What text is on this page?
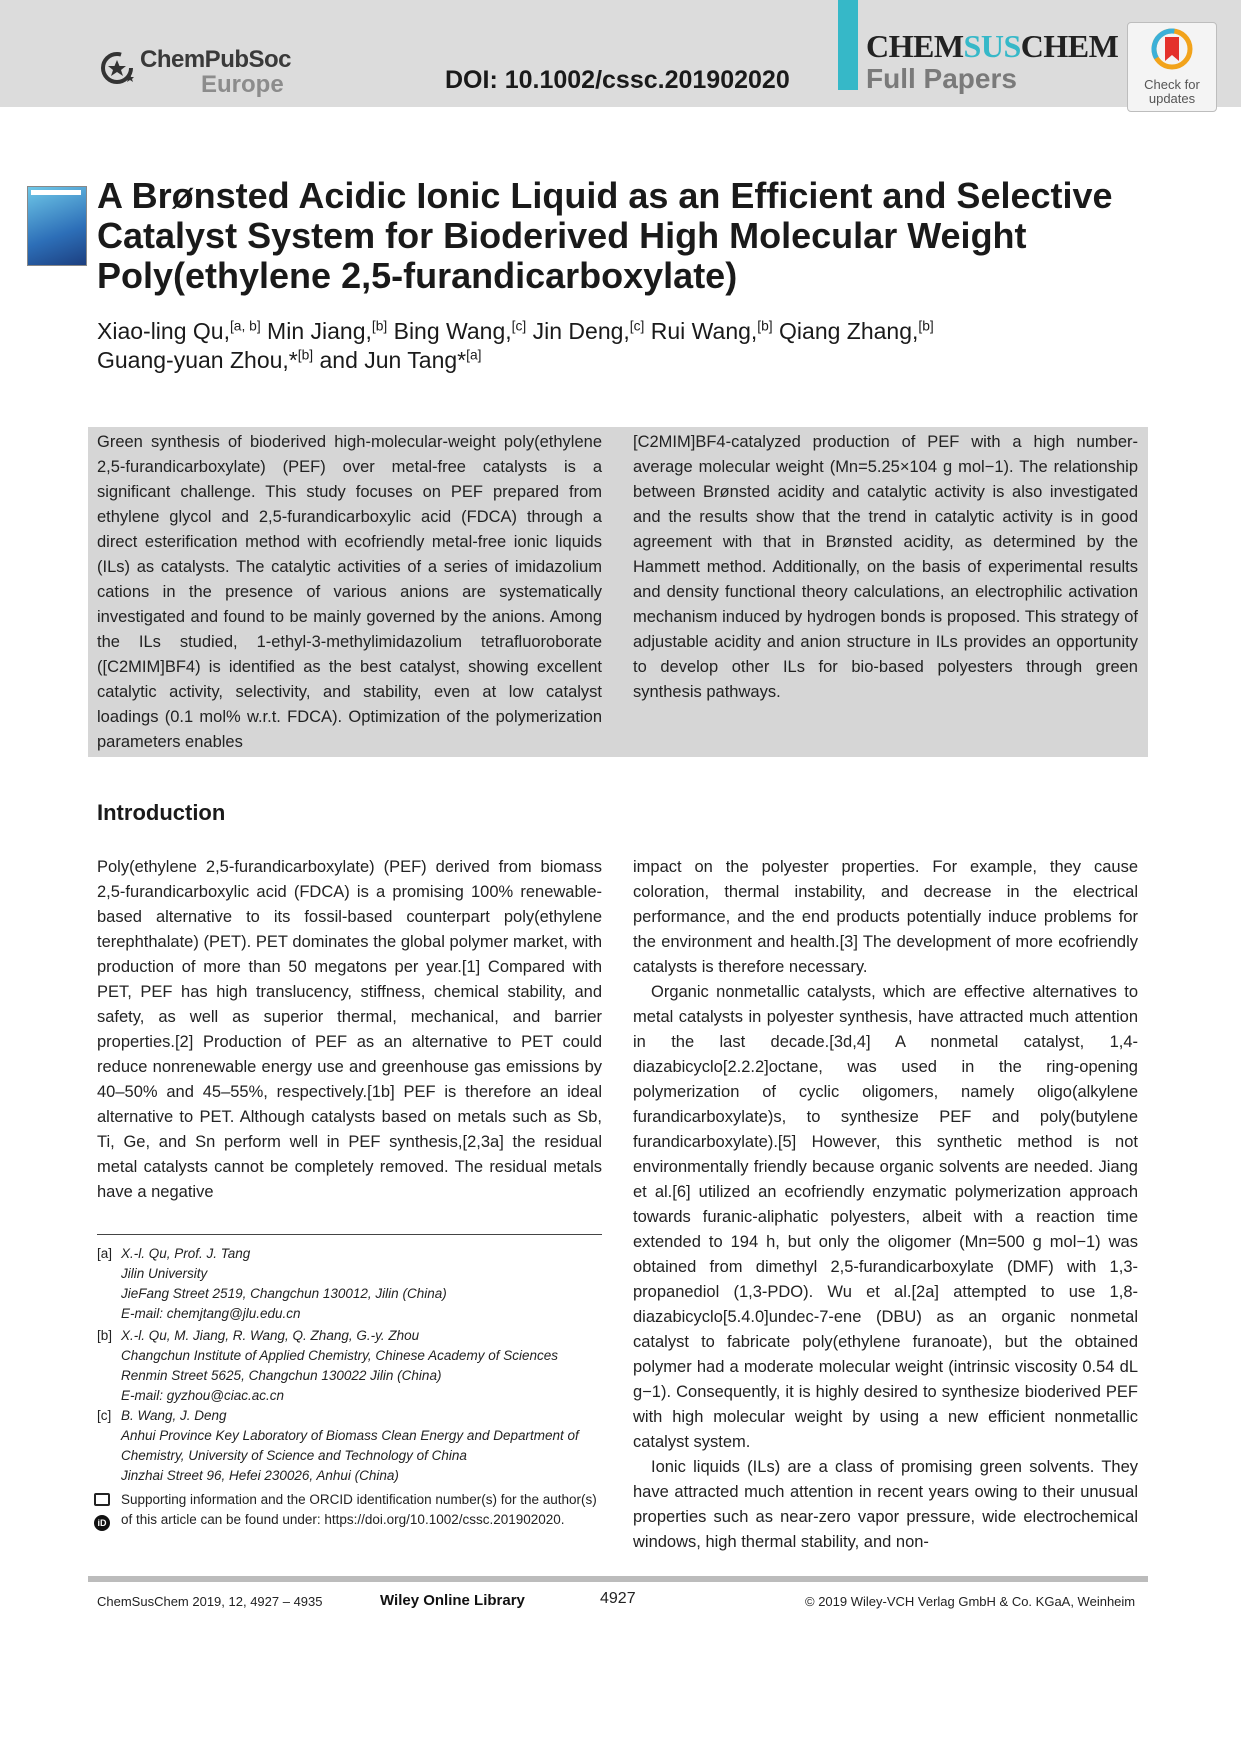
ChemPubSoc
Europe	DOI: 10.1002/cssc.201902020
CHEMSUSCHEM
Full Papers	Check for updates
A Brønsted Acidic Ionic Liquid as an Efficient and Selective Catalyst System for Bioderived High Molecular Weight Poly(ethylene 2,5-furandicarboxylate)
Xiao-ling Qu,[a, b] Min Jiang,[b] Bing Wang,[c] Jin Deng,[c] Rui Wang,[b] Qiang Zhang,[b]
Guang-yuan Zhou,*[b] and Jun Tang*[a]
Green synthesis of bioderived high-molecular-weight poly(ethylene 2,5-furandicarboxylate) (PEF) over metal-free catalysts is a significant challenge. This study focuses on PEF prepared from ethylene glycol and 2,5-furandicarboxylic acid (FDCA) through a direct esterification method with ecofriendly metal-free ionic liquids (ILs) as catalysts. The catalytic activities of a series of imidazolium cations in the presence of various anions are systematically investigated and found to be mainly governed by the anions. Among the ILs studied, 1-ethyl-3-methylimidazolium tetrafluoroborate ([C2MIM]BF4) is identified as the best catalyst, showing excellent catalytic activity, selectivity, and stability, even at low catalyst loadings (0.1 mol% w.r.t. FDCA). Optimization of the polymerization parameters enables
[C2MIM]BF4-catalyzed production of PEF with a high number-average molecular weight (Mn=5.25×104 g mol−1). The relationship between Brønsted acidity and catalytic activity is also investigated and the results show that the trend in catalytic activity is in good agreement with that in Brønsted acidity, as determined by the Hammett method. Additionally, on the basis of experimental results and density functional theory calculations, an electrophilic activation mechanism induced by hydrogen bonds is proposed. This strategy of adjustable acidity and anion structure in ILs provides an opportunity to develop other ILs for bio-based polyesters through green synthesis pathways.
Introduction
Poly(ethylene 2,5-furandicarboxylate) (PEF) derived from biomass 2,5-furandicarboxylic acid (FDCA) is a promising 100% renewable-based alternative to its fossil-based counterpart poly(ethylene terephthalate) (PET). PET dominates the global polymer market, with production of more than 50 megatons per year.[1] Compared with PET, PEF has high translucency, stiffness, chemical stability, and safety, as well as superior thermal, mechanical, and barrier properties.[2] Production of PEF as an alternative to PET could reduce nonrenewable energy use and greenhouse gas emissions by 40–50% and 45–55%, respectively.[1b] PEF is therefore an ideal alternative to PET. Although catalysts based on metals such as Sb, Ti, Ge, and Sn perform well in PEF synthesis,[2,3a] the residual metal catalysts cannot be completely removed. The residual metals have a negative

impact on the polyester properties. For example, they cause coloration, thermal instability, and decrease in the electrical performance, and the end products potentially induce problems for the environment and health.[3] The development of more ecofriendly catalysts is therefore necessary.

Organic nonmetallic catalysts, which are effective alternatives to metal catalysts in polyester synthesis, have attracted much attention in the last decade.[3d,4] A nonmetal catalyst, 1,4-diazabicyclo[2.2.2]octane, was used in the ring-opening polymerization of cyclic oligomers, namely oligo(alkylene furandicarboxylate)s, to synthesize PEF and poly(butylene furandicarboxylate).[5] However, this synthetic method is not environmentally friendly because organic solvents are needed. Jiang et al.[6] utilized an ecofriendly enzymatic polymerization approach towards furanic-aliphatic polyesters, albeit with a reaction time extended to 194 h, but only the oligomer (Mn=500 g mol−1) was obtained from dimethyl 2,5-furandicarboxylate (DMF) with 1,3-propanediol (1,3-PDO). Wu et al.[2a] attempted to use 1,8-diazabicyclo[5.4.0]undec-7-ene (DBU) as an organic nonmetal catalyst to fabricate poly(ethylene furanoate), but the obtained polymer had a moderate molecular weight (intrinsic viscosity 0.54 dL g−1). Consequently, it is highly desired to synthesize bioderived PEF with high molecular weight by using a new efficient nonmetallic catalyst system.

Ionic liquids (ILs) are a class of promising green solvents. They have attracted much attention in recent years owing to their unusual properties such as near-zero vapor pressure, wide electrochemical windows, high thermal stability, and non-

[a] X.-l. Qu, Prof. J. Tang
Jilin University
JieFang Street 2519, Changchun 130012, Jilin (China)
E-mail: chemjtang@jlu.edu.cn
[b] X.-l. Qu, M. Jiang, R. Wang, Q. Zhang, G.-y. Zhou
Changchun Institute of Applied Chemistry, Chinese Academy of Sciences
Renmin Street 5625, Changchun 130022 Jilin (China)
E-mail: gyzhou@ciac.ac.cn
[c] B. Wang, J. Deng
Anhui Province Key Laboratory of Biomass Clean Energy and Department of Chemistry, University of Science and Technology of China
Jinzhai Street 96, Hefei 230026, Anhui (China)
iD
Supporting information and the ORCID identification number(s) for the author(s) of this article can be found under: https://doi.org/10.1002/cssc.201902020.
ChemSusChem 2019, 12, 4927 – 4935	Wiley Online Library	4927	© 2019 Wiley-VCH Verlag GmbH & Co. KGaA, Weinheim
